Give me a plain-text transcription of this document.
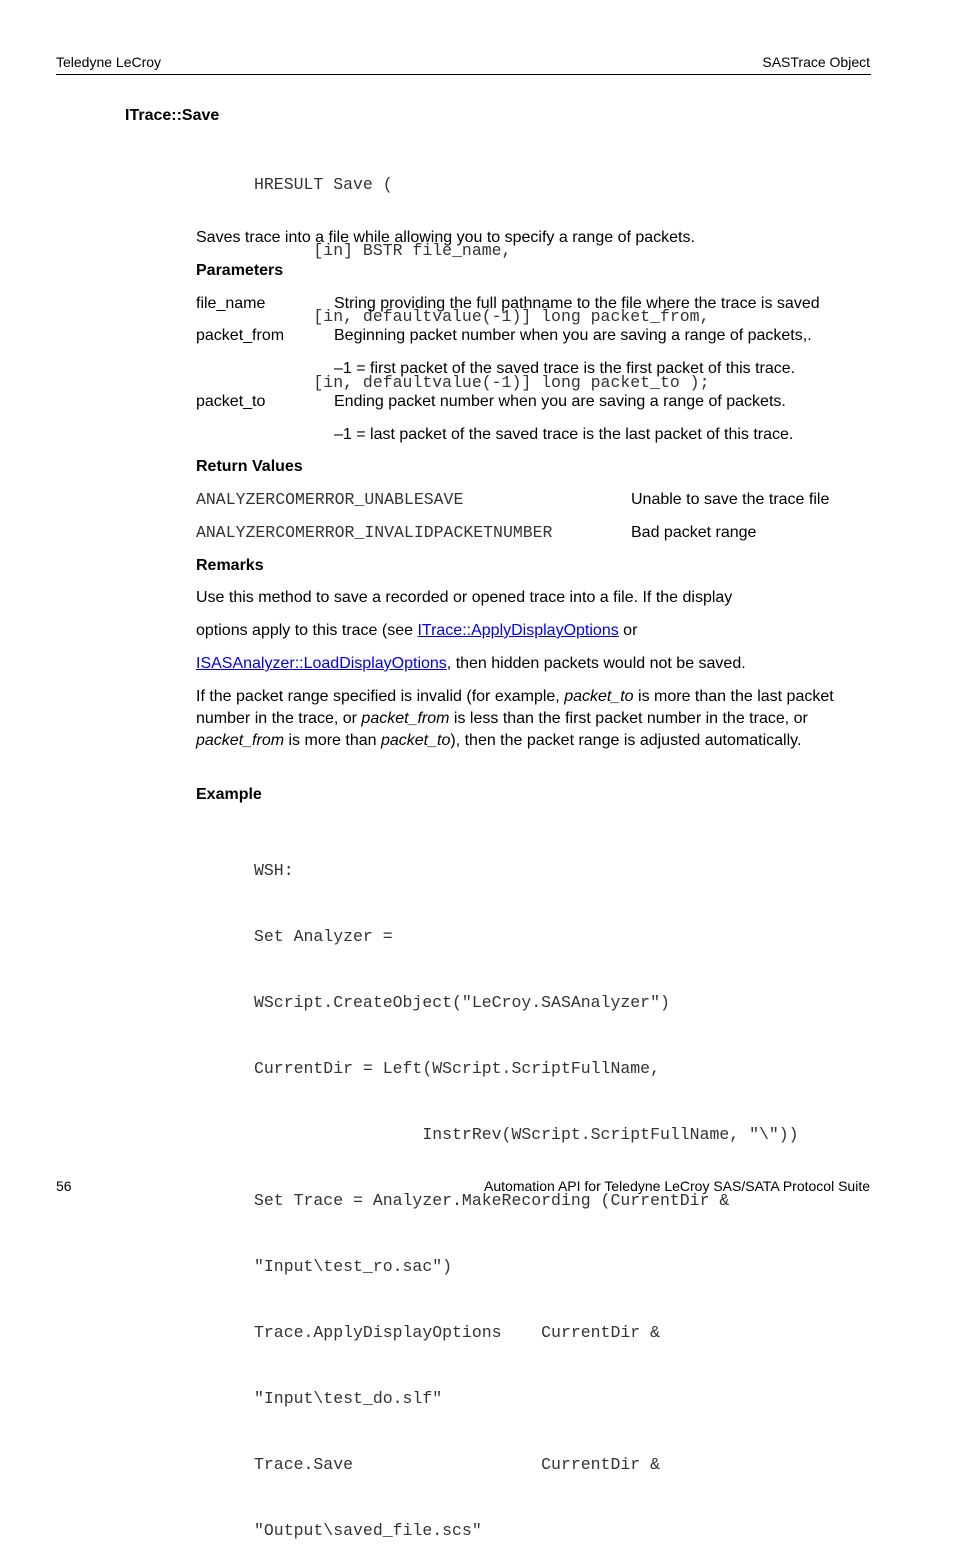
Teledyne LeCroy	SASTrace Object
ITrace::Save

HRESULT Save (

[in] BSTR file_name,

[in, defaultvalue(-1)] long packet_from,

[in, defaultvalue(-1)] long packet_to );

Saves trace into a file while allowing you to specify a range of packets.
Parameters
file_name	String providing the full pathname to the file where the trace is saved
packet_from	Beginning packet number when you are saving a range of packets,.
–1 = first packet of the saved trace is the first packet of this trace.
packet_to	Ending packet number when you are saving a range of packets.
–1 = last packet of the saved trace is the last packet of this trace.
Return Values
ANALYZERCOMERROR_UNABLESAVE	Unable to save the trace file
ANALYZERCOMERROR_INVALIDPACKETNUMBER	Bad packet range
Remarks
Use this method to save a recorded or opened trace into a file. If the display
options apply to this trace (see ITrace::ApplyDisplayOptions or
ISASAnalyzer::LoadDisplayOptions, then hidden packets would not be saved.
If the packet range specified is invalid (for example, packet_to is more than the last packet number in the trace, or packet_from is less than the first packet number in the trace, or packet_from is more than packet_to), then the packet range is adjusted automatically.
Example

WSH:

Set Analyzer =

WScript.CreateObject("LeCroy.SASAnalyzer")

CurrentDir = Left(WScript.ScriptFullName,

InstrRev(WScript.ScriptFullName, "\"))

Set Trace = Analyzer.MakeRecording (CurrentDir &

"Input\test_ro.sac")

Trace.ApplyDisplayOptions    CurrentDir &

"Input\test_do.slf"

Trace.Save                   CurrentDir &

"Output\saved_file.scs"

56	Automation API for Teledyne LeCroy SAS/SATA Protocol Suite
